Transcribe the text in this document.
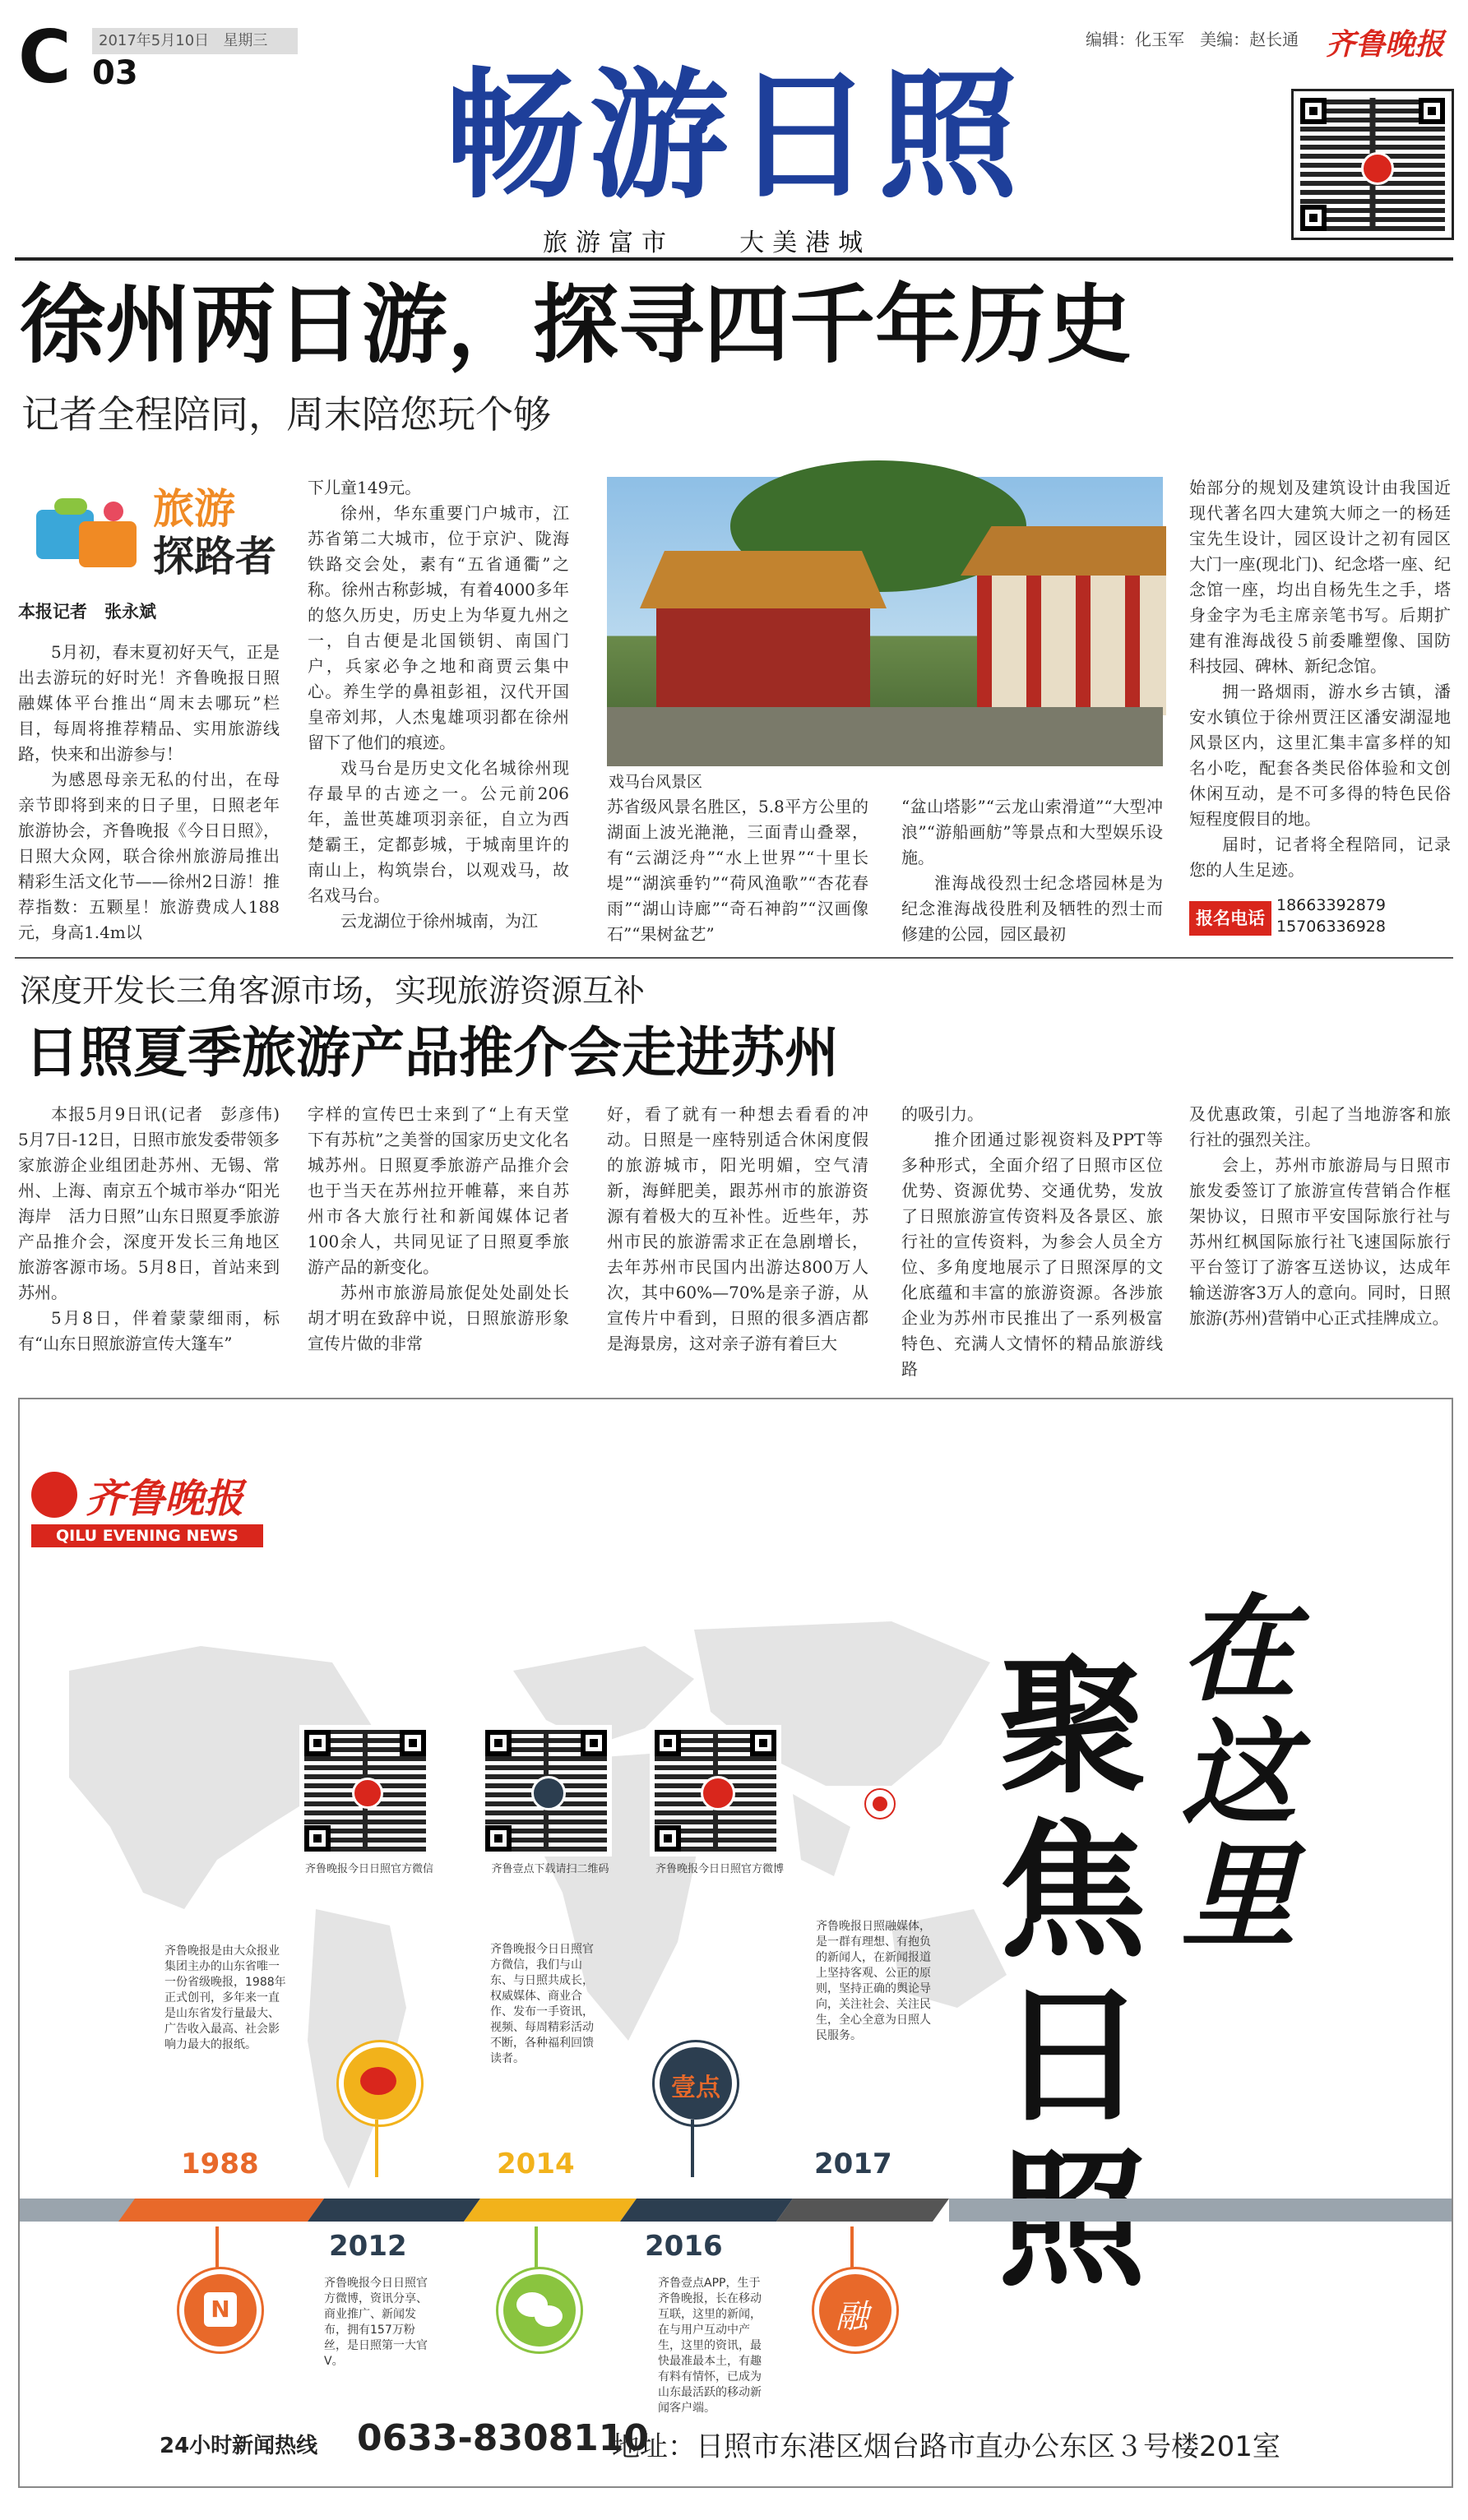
C 03
2017年5月10日 星期三	编辑：化玉军 美编：赵长通 齐鲁晚报
畅游日照
旅游富市	大美港城
徐州两日游，探寻四千年历史
记者全程陪同，周末陪您玩个够
旅游
探路者
本报记者　张永斌

5月初，春末夏初好天气，正是出去游玩的好时光！齐鲁晚报日照融媒体平台推出“周末去哪玩”栏目，每周将推荐精品、实用旅游线路，快来和出游参与！

为感恩母亲无私的付出，在母亲节即将到来的日子里，日照老年旅游协会，齐鲁晚报《今日日照》，日照大众网，联合徐州旅游局推出精彩生活文化节——徐州2日游！推荐指数：五颗星！旅游费成人188元，身高1.4m以

下儿童149元。

徐州，华东重要门户城市，江苏省第二大城市，位于京沪、陇海铁路交会处，素有“五省通衢”之称。徐州古称彭城，有着4000多年的悠久历史，历史上为华夏九州之一，自古便是北国锁钥、南国门户，兵家必争之地和商贾云集中心。养生学的鼻祖彭祖，汉代开国皇帝刘邦，人杰鬼雄项羽都在徐州留下了他们的痕迹。

戏马台是历史文化名城徐州现存最早的古迹之一。公元前206年，盖世英雄项羽亲征，自立为西楚霸王，定都彭城，于城南里许的南山上，构筑崇台，以观戏马，故名戏马台。

云龙湖位于徐州城南，为江

戏马台风景区

苏省级风景名胜区，5.8平方公里的湖面上波光滟滟，三面青山叠翠，有“云湖泛舟”“水上世界”“十里长堤”“湖滨垂钓”“荷风渔歌”“杏花春雨”“湖山诗廊”“奇石神韵”“汉画像石”“果树盆艺”

“盆山塔影”“云龙山索滑道”“大型冲浪”“游船画舫”等景点和大型娱乐设施。

淮海战役烈士纪念塔园林是为纪念淮海战役胜利及牺牲的烈士而修建的公园，园区最初

始部分的规划及建筑设计由我国近现代著名四大建筑大师之一的杨廷宝先生设计，园区设计之初有园区大门一座(现北门)、纪念塔一座、纪念馆一座，均出自杨先生之手，塔身金字为毛主席亲笔书写。后期扩建有淮海战役５前委雕塑像、国防科技园、碑林、新纪念馆。

拥一路烟雨，游水乡古镇，潘安水镇位于徐州贾汪区潘安湖湿地风景区内，这里汇集丰富多样的知名小吃，配套各类民俗体验和文创休闲互动，是不可多得的特色民俗短程度假目的地。

届时，记者将全程陪同，记录您的人生足迹。

报名电话
18663392879
15706336928
深度开发长三角客源市场，实现旅游资源互补
日照夏季旅游产品推介会走进苏州

本报5月9日讯(记者　彭彦伟)　5月7日-12日，日照市旅发委带领多家旅游企业组团赴苏州、无锡、常州、上海、南京五个城市举办“阳光海岸　活力日照”山东日照夏季旅游产品推介会，深度开发长三角地区旅游客源市场。5月8日，首站来到苏州。

5月8日，伴着蒙蒙细雨，标有“山东日照旅游宣传大篷车”

字样的宣传巴士来到了“上有天堂　下有苏杭”之美誉的国家历史文化名城苏州。日照夏季旅游产品推介会也于当天在苏州拉开帷幕，来自苏州市各大旅行社和新闻媒体记者100余人，共同见证了日照夏季旅游产品的新变化。

苏州市旅游局旅促处处副处长胡才明在致辞中说，日照旅游形象宣传片做的非常

好，看了就有一种想去看看的冲动。日照是一座特别适合休闲度假的旅游城市，阳光明媚，空气清新，海鲜肥美，跟苏州市的旅游资源有着极大的互补性。近些年，苏州市民的旅游需求正在急剧增长，去年苏州市民国内出游达800万人次，其中60%—70%是亲子游，从宣传片中看到，日照的很多酒店都是海景房，这对亲子游有着巨大

的吸引力。

推介团通过影视资料及PPT等多种形式，全面介绍了日照市区位优势、资源优势、交通优势，发放了日照旅游宣传资料及各景区、旅行社的宣传资料，为参会人员全方位、多角度地展示了日照深厚的文化底蕴和丰富的旅游资源。各涉旅企业为苏州市民推出了一系列极富特色、充满人文情怀的精品旅游线路

及优惠政策，引起了当地游客和旅行社的强烈关注。

会上，苏州市旅游局与日照市旅发委签订了旅游宣传营销合作框架协议，日照市平安国际旅行社与苏州红枫国际旅行社飞速国际旅行平台签订了游客互送协议，达成年输送游客3万人的意向。同时，日照旅游(苏州)营销中心正式挂牌成立。

齐鲁晚报
QILU EVENING NEWS
在这里
聚
焦
日
齐鲁晚报今日日照官方微信	齐鲁壹点下载请扫二维码	齐鲁晚报今日日照官方微博
齐鲁晚报是由大众报业集团主办的山东省唯一一份省级晚报，1988年正式创刊，多年来一直是山东省发行量最大、广告收入最高、社会影响力最大的报纸。
齐鲁晚报今日日照官方微信，我们与山东、与日照共成长，权威媒体、商业合作、发布一手资讯，视频、每周精彩活动不断，各种福利回馈读者。
齐鲁晚报日照融媒体，是一群有理想、有抱负的新闻人，在新闻报道上坚持客观、公正的原则，坚持正确的舆论导向，关注社会、关注民生，全心全意为日照人民服务。
壹点
1988	2014	2017
N	融
2012	2016
齐鲁晚报今日日照官方微博，资讯分享、商业推广、新闻发布，拥有157万粉丝，是日照第一大官V。
齐鲁壹点APP，生于齐鲁晚报，长在移动互联，这里的新闻，在与用户互动中产生，这里的资讯，最快最准最本土，有趣有料有情怀，已成为山东最活跃的移动新闻客户端。
24小时新闻热线 0633-8308110
地址：日照市东港区烟台路市直办公东区３号楼201室
